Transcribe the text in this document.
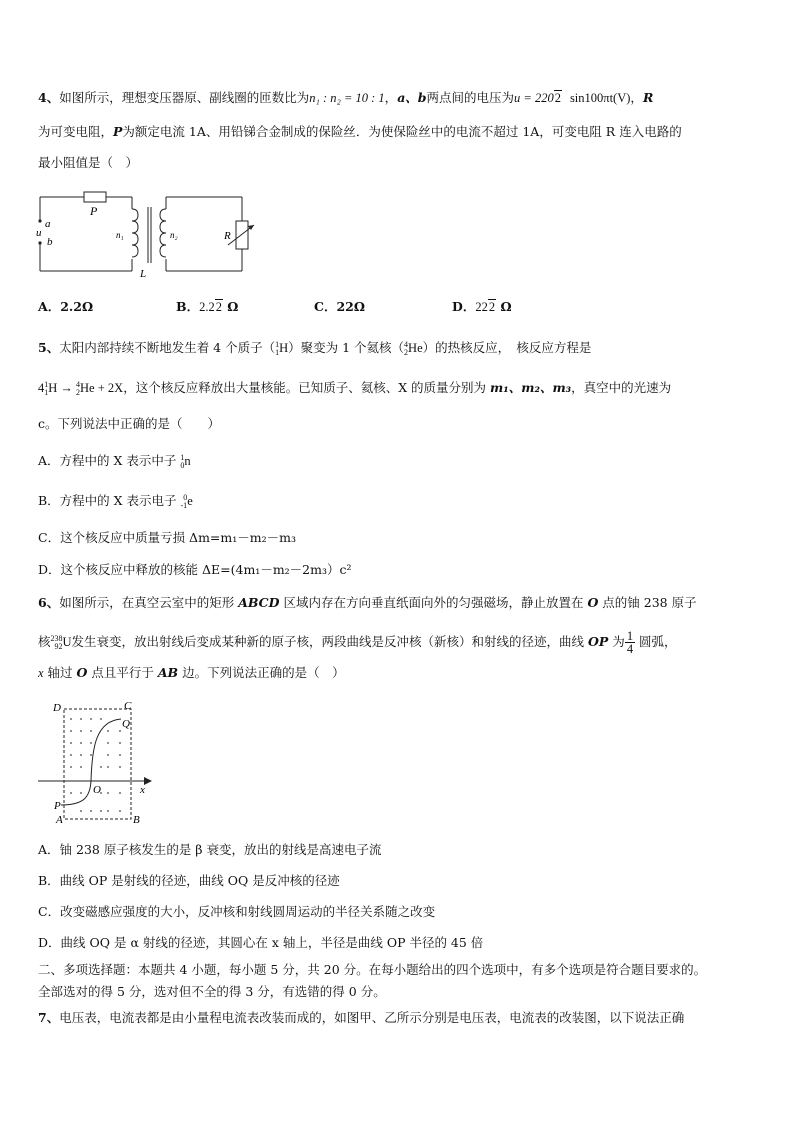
4、如图所示，理想变压器原、副线圈的匝数比为n₁ : n₂ = 10 : 1，a、b两点间的电压为u = 2202 sin100πt(V)，R
为可变电阻，P为额定电流 1A、用铅锑合金制成的保险丝．为使保险丝中的电流不超过 1A，可变电阻 R 连入电路的
最小阻值是（　）
P
a
u
b
n₁	n₂	R
L
A．2.2Ω	B．2.22 Ω	C．22Ω	D．222 Ω
5、太阳内部持续不断地发生着 4 个质子（ 1
1 H）聚变为 1 个氦核（ 4
2 He）的热核反应，　核反应方程是
4 1
1 H → 4
2 He + 2X，这个核反应释放出大量核能。已知质子、氦核、X 的质量分别为 m₁、m₂、m₃，真空中的光速为
c。下列说法中正确的是（　　）
A．方程中的 X 表示中子 1
0 n
B．方程中的 X 表示电子 0
-1 e
C．这个核反应中质量亏损 Δm=m₁－m₂－m₃
D．这个核反应中释放的核能 ΔE=(4m₁－m₂－2m₃）c²
6、如图所示，在真空云室中的矩形 ABCD 区域内存在方向垂直纸面向外的匀强磁场，静止放置在 O 点的铀 238 原子
核 238
92 U发生衰变，放出射线后变成某种新的原子核，两段曲线是反冲核（新核）和射线的径迹，曲线 OP 为 $\frac{1}{4}$ 圆弧，
x 轴过 O 点且平行于 AB 边。下列说法正确的是（　）
D	C
Q
O	x
P
A	B
A．铀 238 原子核发生的是 β 衰变，放出的射线是高速电子流
B．曲线 OP 是射线的径迹，曲线 OQ 是反冲核的径迹
C．改变磁感应强度的大小，反冲核和射线圆周运动的半径关系随之改变
D．曲线 OQ 是 α 射线的径迹，其圆心在 x 轴上，半径是曲线 OP 半径的 45 倍
二、多项选择题：本题共 4 小题，每小题 5 分，共 20 分。在每小题给出的四个选项中，有多个选项是符合题目要求的。
全部选对的得 5 分，选对但不全的得 3 分，有选错的得 0 分。
7、电压表，电流表都是由小量程电流表改装而成的，如图甲、乙所示分别是电压表，电流表的改装图，以下说法正确
